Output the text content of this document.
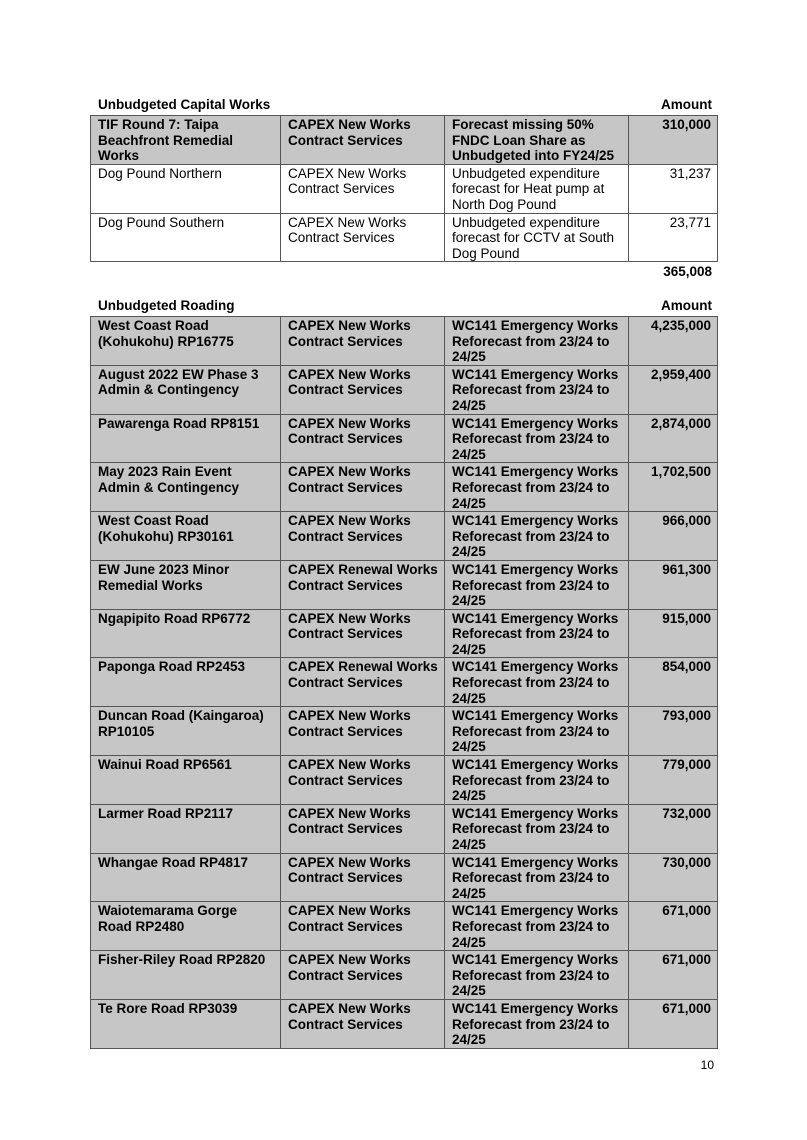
Unbudgeted Capital Works	Amount
TIF Round 7: Taipa Beachfront Remedial Works	CAPEX New Works Contract Services	Forecast missing 50% FNDC Loan Share as Unbudgeted into FY24/25	310,000
Dog Pound Northern	CAPEX New Works Contract Services	Unbudgeted expenditure forecast for Heat pump at North Dog Pound	31,237
Dog Pound Southern	CAPEX New Works Contract Services	Unbudgeted expenditure forecast for CCTV at South Dog Pound	23,771
365,008
Unbudgeted Roading	Amount
West Coast Road (Kohukohu) RP16775	CAPEX New Works Contract Services	WC141 Emergency Works Reforecast from 23/24 to 24/25	4,235,000
August 2022 EW Phase 3 Admin & Contingency	CAPEX New Works Contract Services	WC141 Emergency Works Reforecast from 23/24 to 24/25	2,959,400
Pawarenga Road RP8151	CAPEX New Works Contract Services	WC141 Emergency Works Reforecast from 23/24 to 24/25	2,874,000
May 2023 Rain Event Admin & Contingency	CAPEX New Works Contract Services	WC141 Emergency Works Reforecast from 23/24 to 24/25	1,702,500
West Coast Road (Kohukohu) RP30161	CAPEX New Works Contract Services	WC141 Emergency Works Reforecast from 23/24 to 24/25	966,000
EW June 2023 Minor Remedial Works	CAPEX Renewal Works Contract Services	WC141 Emergency Works Reforecast from 23/24 to 24/25	961,300
Ngapipito Road RP6772	CAPEX New Works Contract Services	WC141 Emergency Works Reforecast from 23/24 to 24/25	915,000
Paponga Road RP2453	CAPEX Renewal Works Contract Services	WC141 Emergency Works Reforecast from 23/24 to 24/25	854,000
Duncan Road (Kaingaroa) RP10105	CAPEX New Works Contract Services	WC141 Emergency Works Reforecast from 23/24 to 24/25	793,000
Wainui Road RP6561	CAPEX New Works Contract Services	WC141 Emergency Works Reforecast from 23/24 to 24/25	779,000
Larmer Road RP2117	CAPEX New Works Contract Services	WC141 Emergency Works Reforecast from 23/24 to 24/25	732,000
Whangae Road RP4817	CAPEX New Works Contract Services	WC141 Emergency Works Reforecast from 23/24 to 24/25	730,000
Waiotemarama Gorge Road RP2480	CAPEX New Works Contract Services	WC141 Emergency Works Reforecast from 23/24 to 24/25	671,000
Fisher-Riley Road RP2820	CAPEX New Works Contract Services	WC141 Emergency Works Reforecast from 23/24 to 24/25	671,000
Te Rore Road RP3039	CAPEX New Works Contract Services	WC141 Emergency Works Reforecast from 23/24 to 24/25	671,000
10
